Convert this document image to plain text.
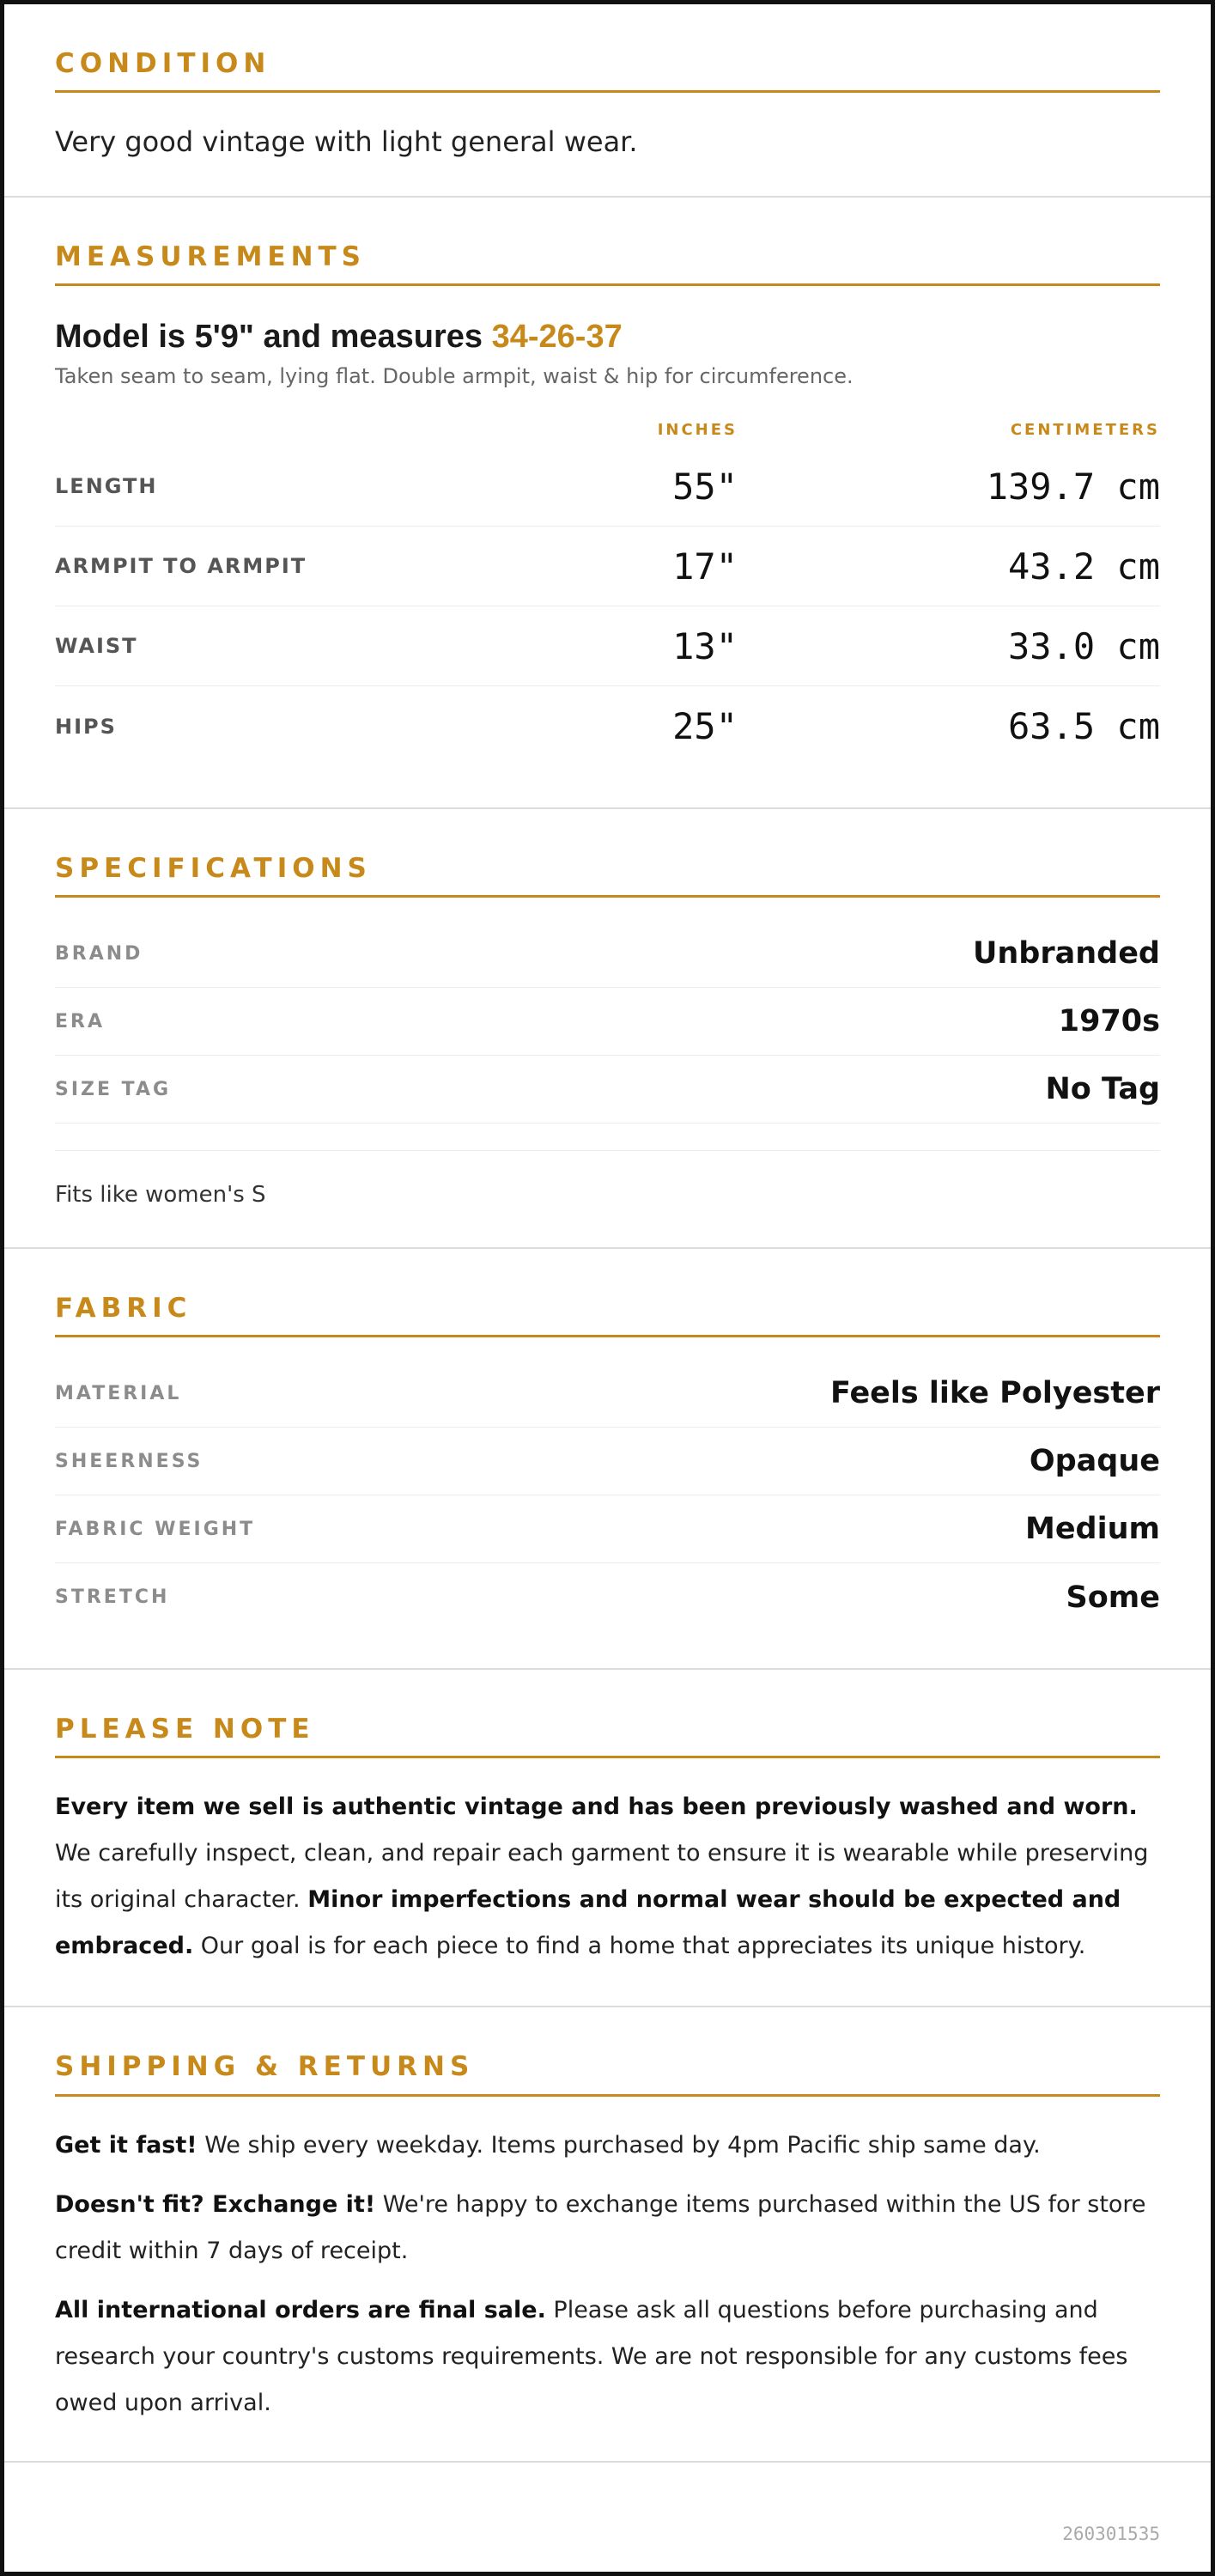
CONDITION

Very good vintage with light general wear.

MEASUREMENTS
Model is 5'9" and measures 34-26-37
Taken seam to seam, lying flat. Double armpit, waist & hip for circumference.
INCHES	CENTIMETERS
LENGTH	55"	139.7 cm
ARMPIT TO ARMPIT	17"	43.2 cm
WAIST	13"	33.0 cm
HIPS	25"	63.5 cm
SPECIFICATIONS
BRAND	Unbranded
ERA	1970s
SIZE TAG	No Tag

Fits like women's S

FABRIC
MATERIAL	Feels like Polyester
SHEERNESS	Opaque
FABRIC WEIGHT	Medium
STRETCH	Some
PLEASE NOTE

Every item we sell is authentic vintage and has been previously washed and worn. We carefully inspect, clean, and repair each garment to ensure it is wearable while preserving its original character. Minor imperfections and normal wear should be expected and embraced. Our goal is for each piece to find a home that appreciates its unique history.

SHIPPING & RETURNS

Get it fast! We ship every weekday. Items purchased by 4pm Pacific ship same day.

Doesn't fit? Exchange it! We're happy to exchange items purchased within the US for store credit within 7 days of receipt.

All international orders are final sale. Please ask all questions before purchasing and research your country's customs requirements. We are not responsible for any customs fees owed upon arrival.

260301535
